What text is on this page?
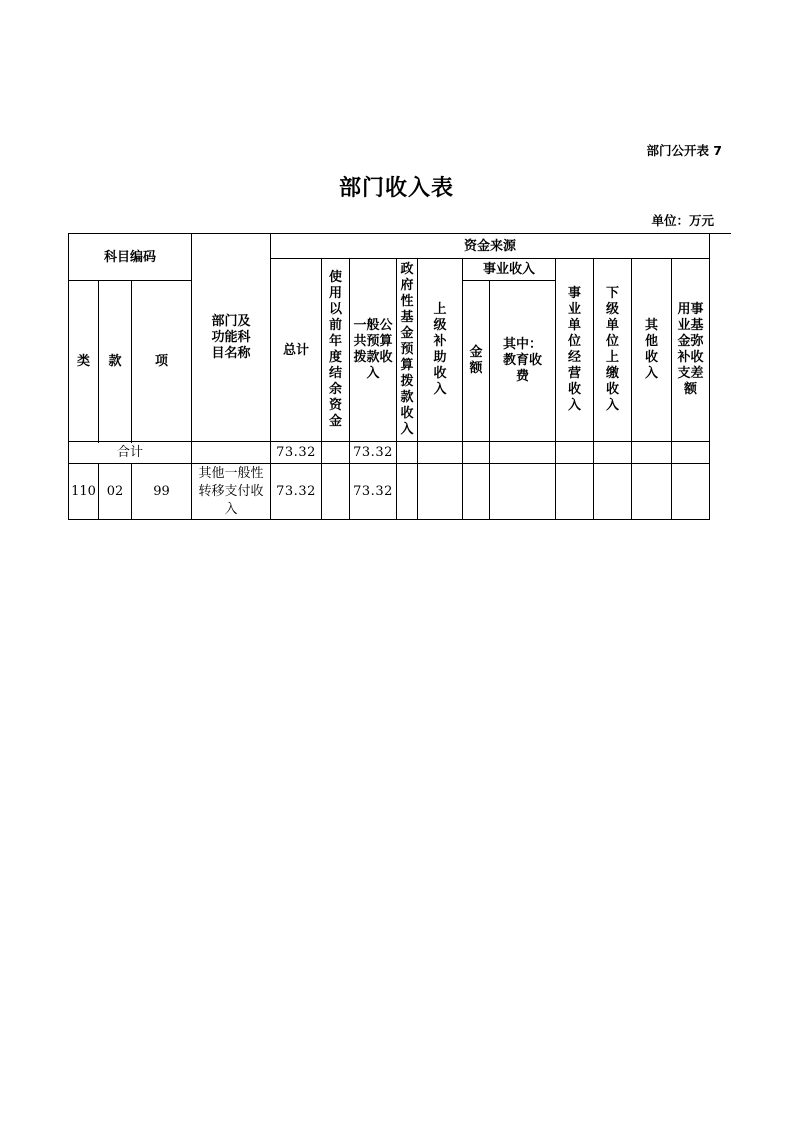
部门公开表 7
部门收入表
单位：万元
科目编码			部门及功能科目名称	资金来源										
				总计	使用以前年度结余资金	一般公共预算拨款收入	政府性基金预算拨款收入	上级补助收入	事业收入		事业单位经营收入	下级单位上缴收入	其他收入	用事业基金弥补收支差额
类	款	项							金额	其中：教育收费				

合计				73.32		73.32								
110	02	99	其他一般性转移支付收入	73.32		73.32								
